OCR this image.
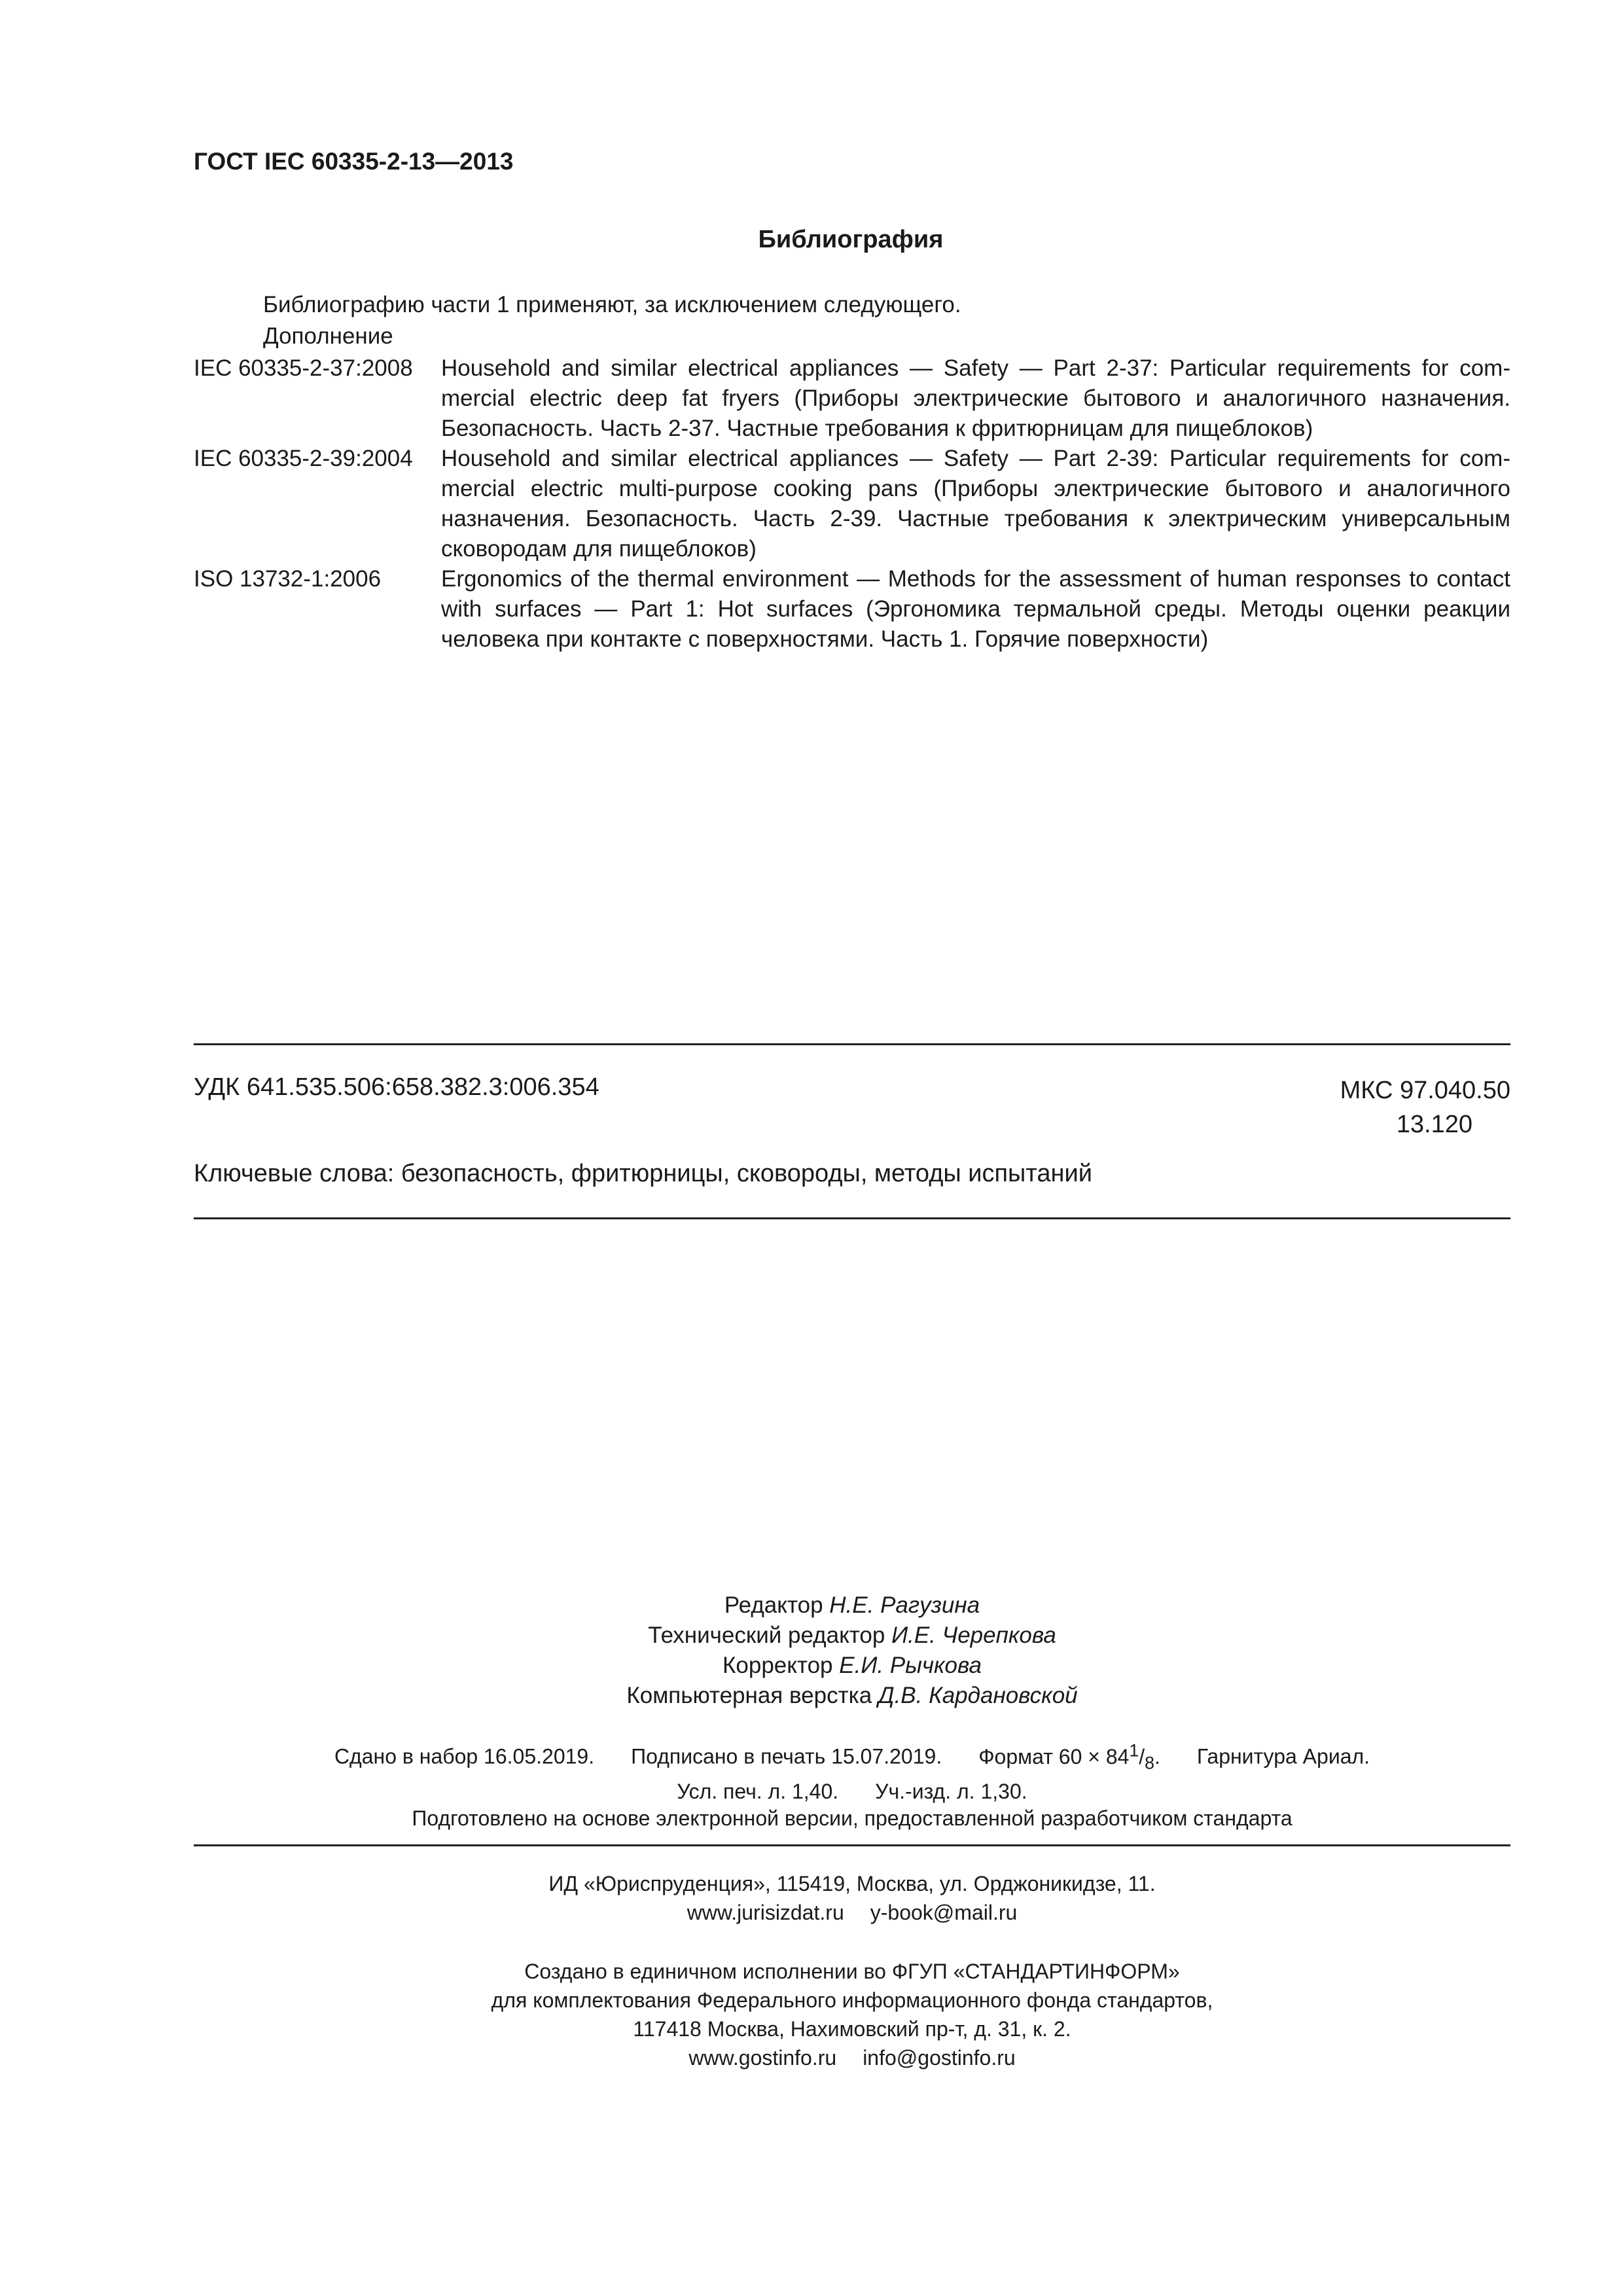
ГОСТ IEC 60335-2-13—2013
Библиография
Библиографию части 1 применяют, за исключением следующего.
Дополнение
IEC 60335-2-37:2008	Household and similar electrical appliances — Safety — Part 2-37: Particular requirements for commercial electric deep fat fryers (Приборы электрические бытового и аналогичного назначения. Безопасность. Часть 2-37. Частные требования к фритюрницам для пищеблоков)
IEC 60335-2-39:2004	Household and similar electrical appliances — Safety — Part 2-39: Particular requirements for commercial electric multi-purpose cooking pans (Приборы электрические бытового и аналогичного назначения. Безопасность. Часть 2-39. Частные требования к электрическим универсальным сковородам для пищеблоков)
ISO 13732-1:2006	Ergonomics of the thermal environment — Methods for the assessment of human responses to contact with surfaces — Part 1: Hot surfaces (Эргономика термальной среды. Методы оценки реакции человека при контакте с поверхностями. Часть 1. Горячие поверхности)
УДК 641.535.506:658.382.3:006.354	МКС 97.040.50
13.120
Ключевые слова: безопасность, фритюрницы, сковороды, методы испытаний
Редактор Н.Е. Рагузина
Технический редактор И.Е. Черепкова
Корректор Е.И. Рычкова
Компьютерная верстка Д.В. Кардановской
Сдано в набор 16.05.2019. Подписано в печать 15.07.2019. Формат $60 \times 84^1/_8$. Гарнитура Ариал.
Усл. печ. л. 1,40. Уч.-изд. л. 1,30.
Подготовлено на основе электронной версии, предоставленной разработчиком стандарта
ИД «Юриспруденция», 115419, Москва, ул. Орджоникидзе, 11.
www.jurisizdat.ru y-book@mail.ru
Создано в единичном исполнении во ФГУП «СТАНДАРТИНФОРМ»
для комплектования Федерального информационного фонда стандартов,
117418 Москва, Нахимовский пр-т, д. 31, к. 2.
www.gostinfo.ru info@gostinfo.ru
